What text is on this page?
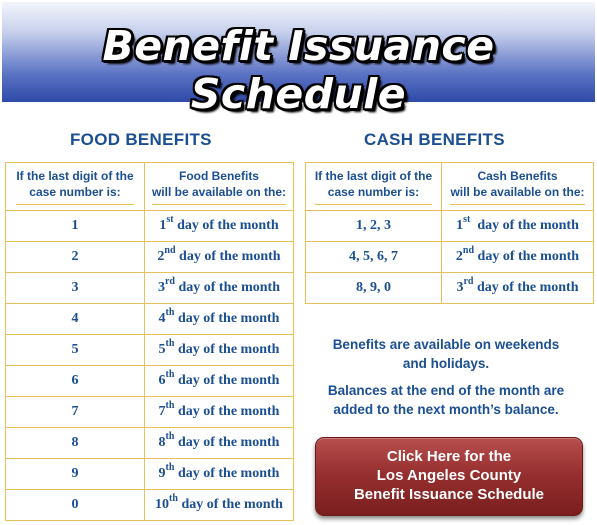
Benefit Issuance Schedule
FOOD BENEFITS	CASH BENEFITS
If the last digit of the
case number is:	Food Benefits
will be available on the:
1	1st day of the month
2	2nd day of the month
3	3rd day of the month
4	4th day of the month
5	5th day of the month
6	6th day of the month
7	7th day of the month
8	8th day of the month
9	9th day of the month
0	10th day of the month
If the last digit of the
case number is:	Cash Benefits
will be available on the:
1, 2, 3	1st  day of the month
4, 5, 6, 7	2nd day of the month
8, 9, 0	3rd day of the month
Benefits are available on weekends
and holidays.
Balances at the end of the month are
added to the next month’s balance.
Click Here for the
Los Angeles County
Benefit Issuance Schedule
